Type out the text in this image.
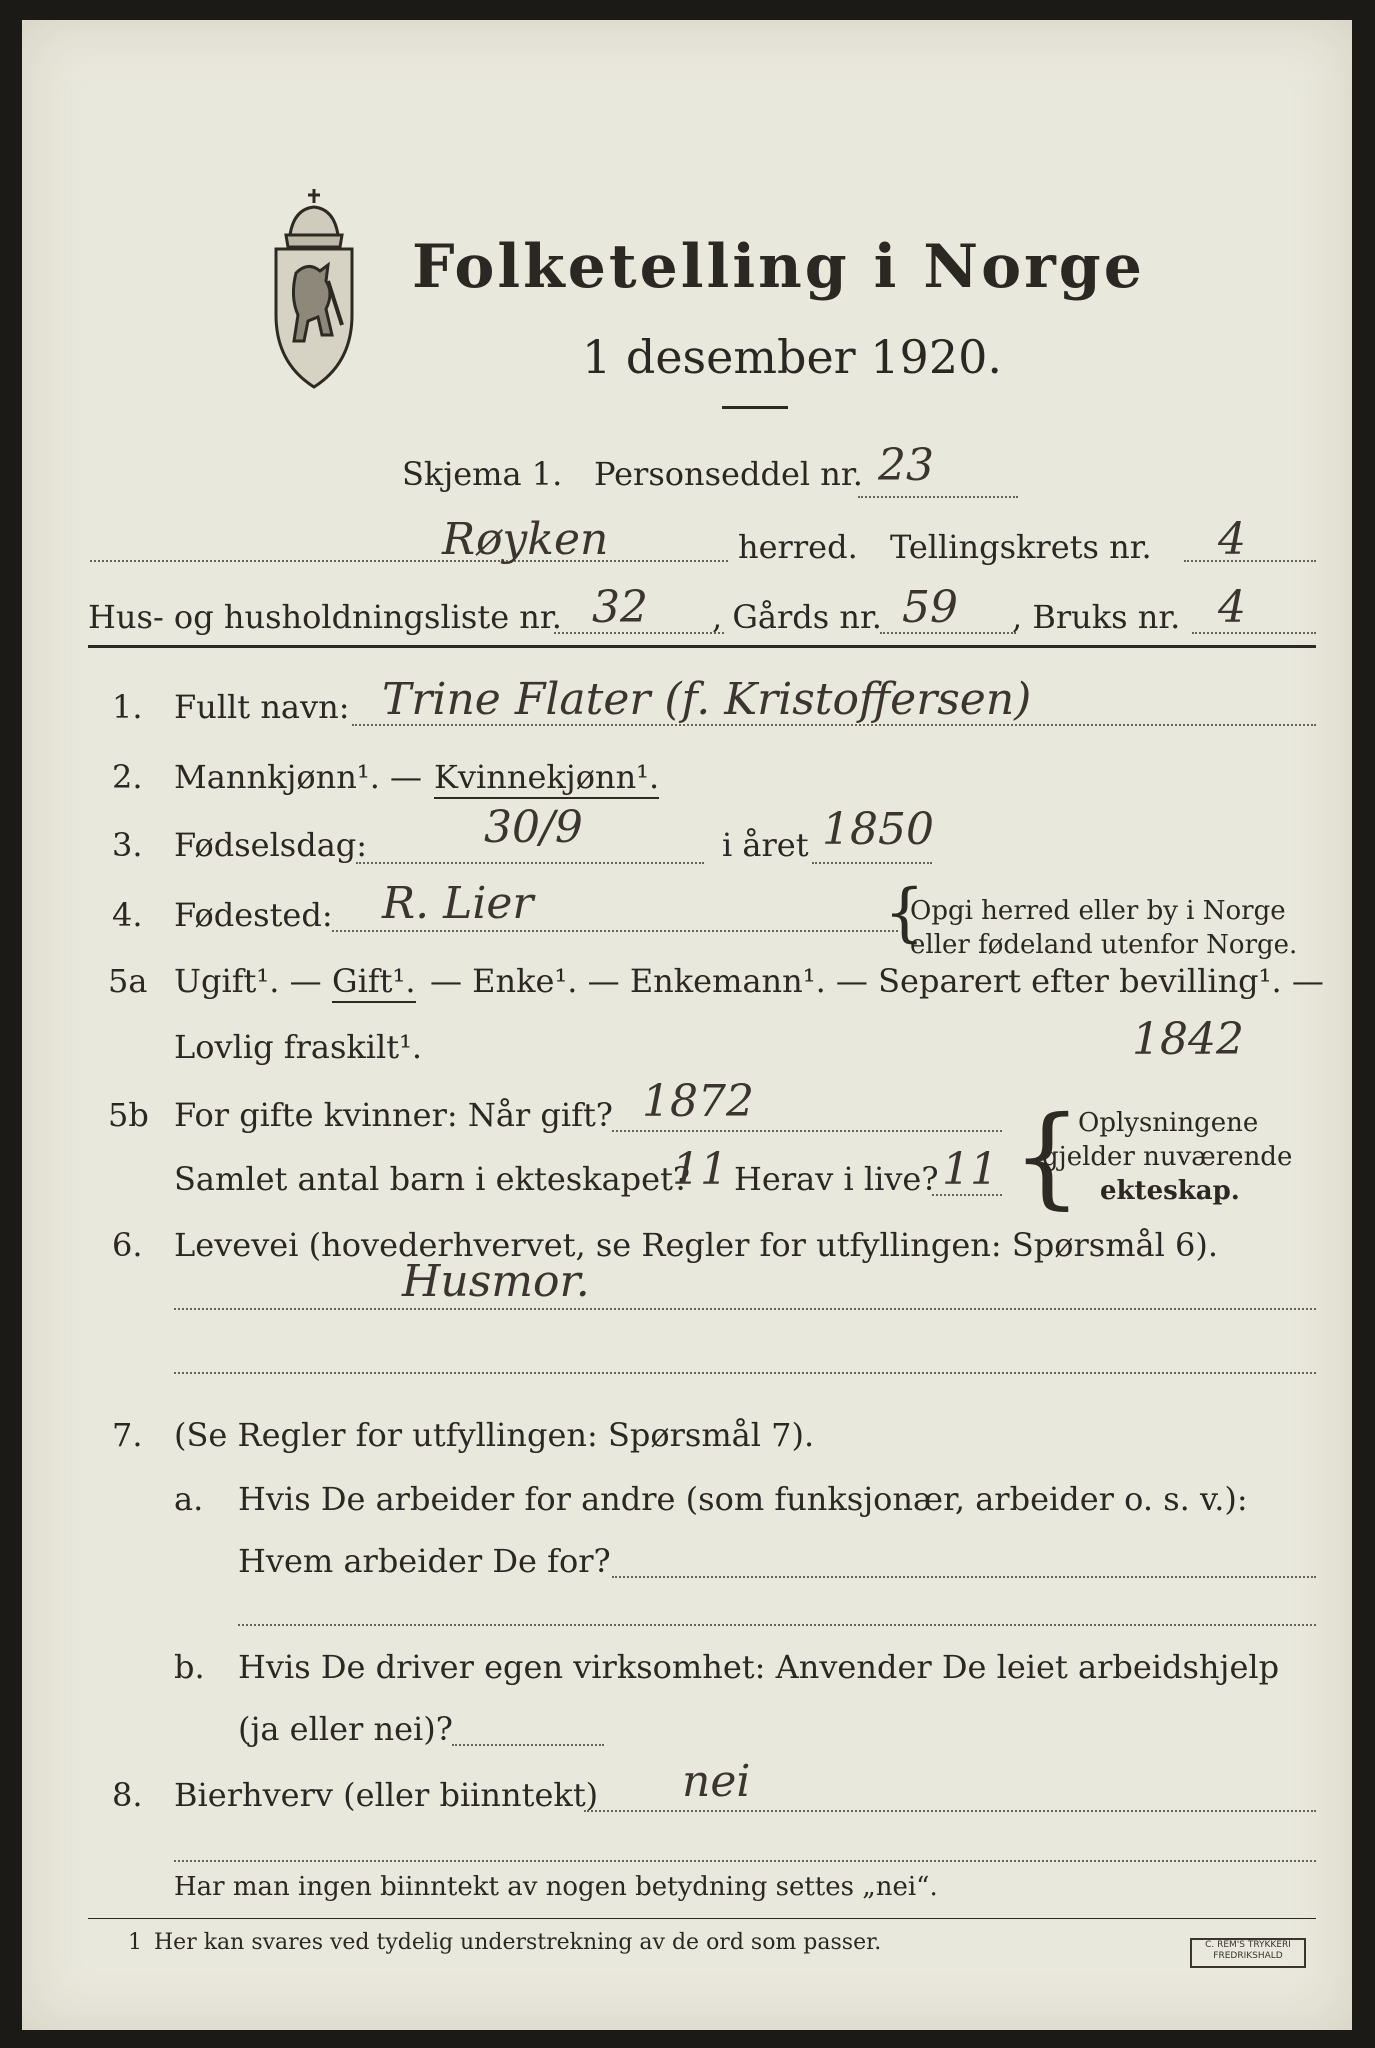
Folketelling i Norge
1 desember 1920.
Skjema 1. Personseddel nr. 23
Røyken	herred. Tellingskrets nr. 4
Hus- og husholdningsliste nr. 32 , Gårds nr. 59 , Bruks nr. 4
1. Fullt navn: Trine Flater (f. Kristoffersen)
2. Mannkjønn¹. — Kvinnekjønn¹.
3. Fødselsdag:	30/9	i året 1850
4. Fødested: R. Lier	{
Opgi herred eller by i Norge
eller fødeland utenfor Norge.
5a Ugift¹. — Gift¹. — Enke¹. — Enkemann¹. — Separert efter bevilling¹. —
Lovlig fraskilt¹.	1842
5b For gifte kvinner: Når gift? 1872
Samlet antal barn i ekteskapet?
11 Herav i live? 11 {
Oplysningene
gjelder nuværende
ekteskap.
6. Levevei (hovederhvervet, se Regler for utfyllingen: Spørsmål 6).
Husmor.
7. (Se Regler for utfyllingen: Spørsmål 7).
a. Hvis De arbeider for andre (som funksjonær, arbeider o. s. v.):
Hvem arbeider De for?
b. Hvis De driver egen virksomhet: Anvender De leiet arbeidshjelp
(ja eller nei)?
8. Bierhverv (eller biinntekt) nei
Har man ingen biinntekt av nogen betydning settes „nei“.
1 Her kan svares ved tydelig understrekning av de ord som passer.	C. REM'S TRYKKERI
FREDRIKSHALD
